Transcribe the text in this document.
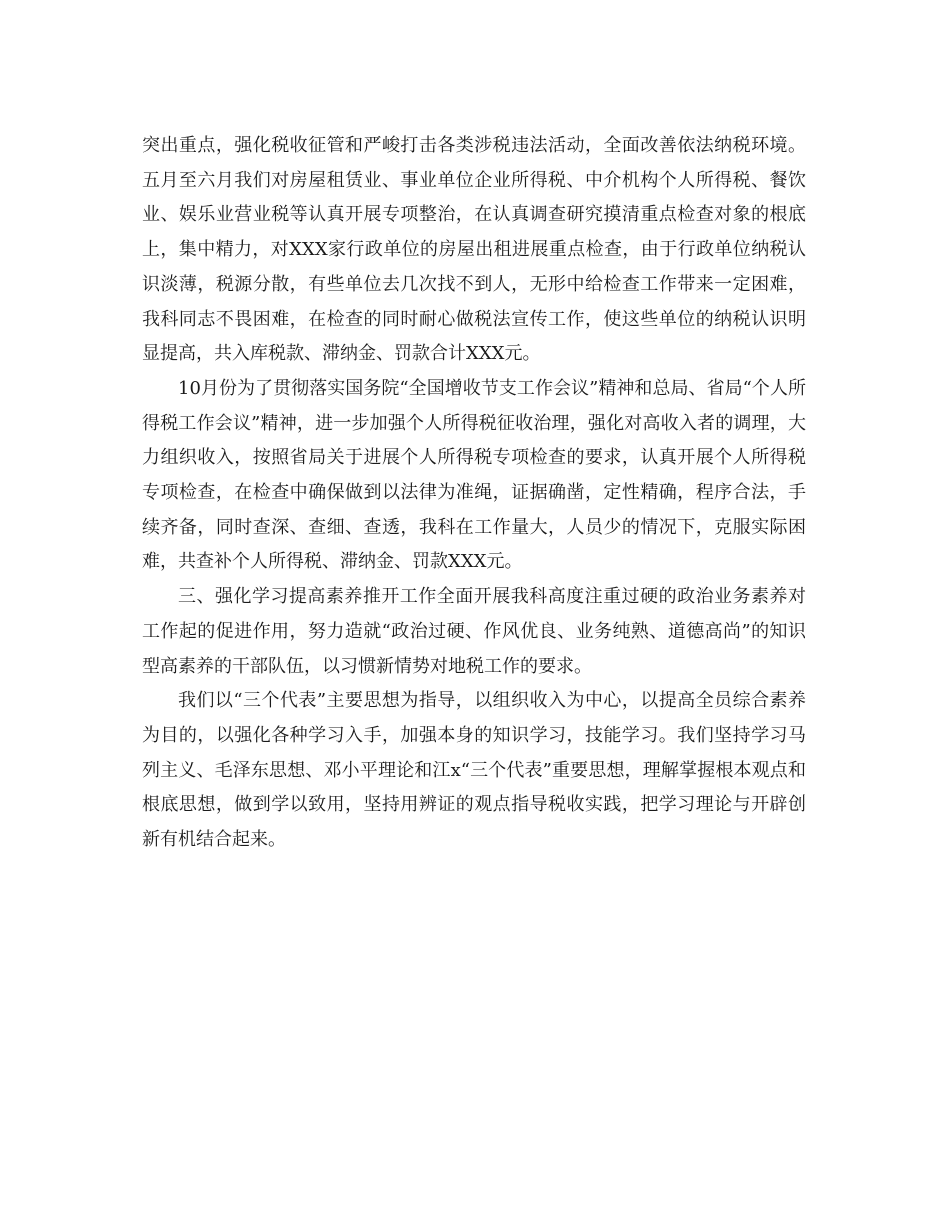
突出重点，强化税收征管和严峻打击各类涉税违法活动，全面改善依法纳税环境。五月至六月我们对房屋租赁业、事业单位企业所得税、中介机构个人所得税、餐饮业、娱乐业营业税等认真开展专项整治，在认真调查研究摸清重点检查对象的根底上，集中精力，对XXX家行政单位的房屋出租进展重点检查，由于行政单位纳税认识淡薄，税源分散，有些单位去几次找不到人，无形中给检查工作带来一定困难，我科同志不畏困难，在检查的同时耐心做税法宣传工作，使这些单位的纳税认识明显提高，共入库税款、滞纳金、罚款合计XXX元。

10月份为了贯彻落实国务院“全国增收节支工作会议”精神和总局、省局“个人所得税工作会议”精神，进一步加强个人所得税征收治理，强化对高收入者的调理，大力组织收入，按照省局关于进展个人所得税专项检查的要求，认真开展个人所得税专项检查，在检查中确保做到以法律为准绳，证据确凿，定性精确，程序合法，手续齐备，同时查深、查细、查透，我科在工作量大，人员少的情况下，克服实际困难，共查补个人所得税、滞纳金、罚款XXX元。

三、强化学习提高素养推开工作全面开展我科高度注重过硬的政治业务素养对工作起的促进作用，努力造就“政治过硬、作风优良、业务纯熟、道德高尚”的知识型高素养的干部队伍，以习惯新情势对地税工作的要求。

我们以“三个代表”主要思想为指导，以组织收入为中心，以提高全员综合素养为目的，以强化各种学习入手，加强本身的知识学习，技能学习。我们坚持学习马列主义、毛泽东思想、邓小平理论和江x“三个代表”重要思想，理解掌握根本观点和根底思想，做到学以致用，坚持用辨证的观点指导税收实践，把学习理论与开辟创新有机结合起来。
